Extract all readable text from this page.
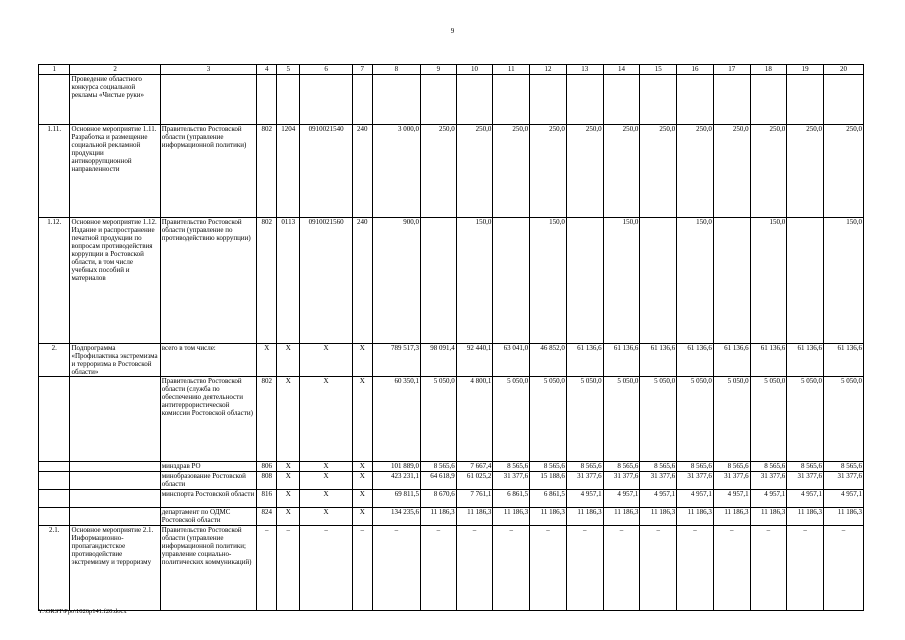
9
1	2	3	4	5	6	7	8	9	10	11	12	13	14	15	16	17	18	19	20
	Проведение областного конкурса социальной рекламы «Чистые руки»																		
1.11.	Основное мероприятие 1.11. Разработка и размещение социальной рекламной продукции антикоррупционной направленности	Правительство Ростовской области (управление информационной политики)	802	1204	0910021540	240	3 000,0	250,0	250,0	250,0	250,0	250,0	250,0	250,0	250,0	250,0	250,0	250,0	250,0
1.12.	Основное мероприятие 1.12. Издание и распространение печатной продукции по вопросам противодействия коррупции в Ростовской области, в том числе учебных пособий и материалов	Правительство Ростовской области (управление по противодействию коррупции)	802	0113	0910021560	240	900,0		150,0		150,0		150,0		150,0		150,0		150,0
2.	Подпрограмма «Профилактика экстремизма и терроризма в Ростовской области»	всего в том числе:	X	X	X	X	789 517,3	98 091,4	92 440,1	63 041,0	46 852,0	61 136,6	61 136,6	61 136,6	61 136,6	61 136,6	61 136,6	61 136,6	61 136,6
		Правительство Ростовской области (служба по обеспечению деятельности антитеррористической комиссии Ростовской области)	802	X	X	X	60 350,1	5 050,0	4 800,1	5 050,0	5 050,0	5 050,0	5 050,0	5 050,0	5 050,0	5 050,0	5 050,0	5 050,0	5 050,0
		минздрав РО	806	X	X	X	101 889,0	8 565,6	7 667,4	8 565,6	8 565,6	8 565,6	8 565,6	8 565,6	8 565,6	8 565,6	8 565,6	8 565,6	8 565,6
		минобразование Ростовской области	808	X	X	X	423 231,1	64 618,9	61 025,2	31 377,6	15 188,6	31 377,6	31 377,6	31 377,6	31 377,6	31 377,6	31 377,6	31 377,6	31 377,6
		минспорта Ростовской области	816	X	X	X	69 811,5	8 670,6	7 761,1	6 861,5	6 861,5	4 957,1	4 957,1	4 957,1	4 957,1	4 957,1	4 957,1	4 957,1	4 957,1
		департамент по ОДМС Ростовской области	824	X	X	X	134 235,6	11 186,3	11 186,3	11 186,3	11 186,3	11 186,3	11 186,3	11 186,3	11 186,3	11 186,3	11 186,3	11 186,3	11 186,3
2.1.	Основное мероприятие 2.1. Информационно-пропагандистское противодействие экстремизму и терроризму	Правительство Ростовской области (управление информационной политики; управление социально-политических коммуникаций)	–	–	–	–	–	–	–	–	–	–	–	–	–	–	–	–	–
Y:\ORST\Ppo\1026p141.f20.docx
